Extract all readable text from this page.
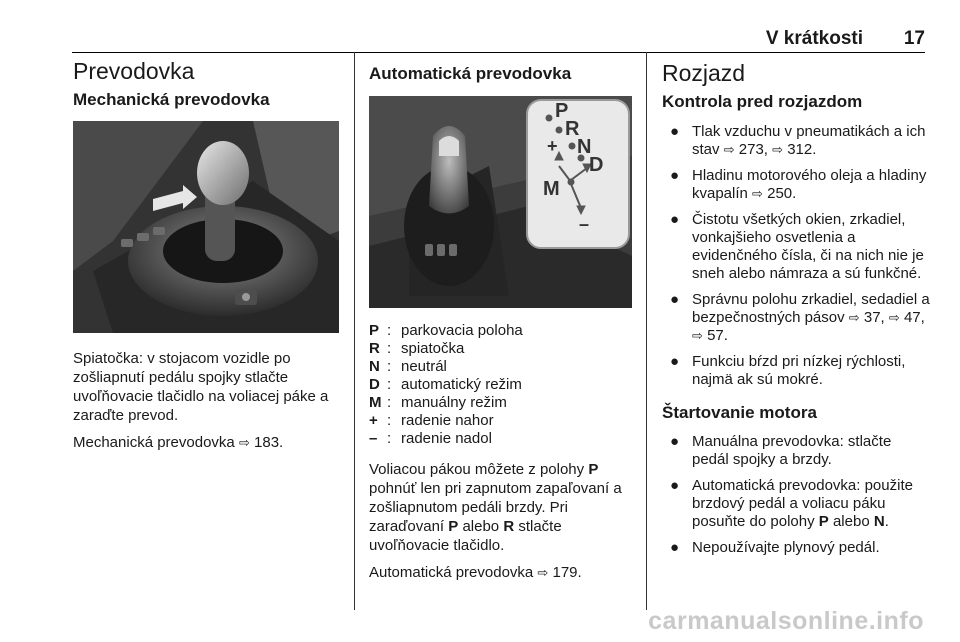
V krátkosti 17
Prevodovka
Mechanická prevodovka

Spiatočka: v stojacom vozidle po zošliapnutí pedálu spojky stlačte uvoľňovacie tlačidlo na voliacej páke a zaraďte prevod.

Mechanická prevodovka ⇨ 183.

Automatická prevodovka
P
R
N
D
M
+
–
P : parkovacia poloha
R : spiatočka
N : neutrál
D : automatický režim
M : manuálny režim
+ : radenie nahor
– : radenie nadol

Voliacou pákou môžete z polohy P pohnúť len pri zapnutom zapaľovaní a zošliapnutom pedáli brzdy. Pri zaraďovaní P alebo R stlačte uvoľňovacie tlačidlo.

Automatická prevodovka ⇨ 179.

Rozjazd
Kontrola pred rozjazdom
● Tlak vzduchu v pneumatikách a ich stav ⇨ 273, ⇨ 312.
● Hladinu motorového oleja a hladiny kvapalín ⇨ 250.
● Čistotu všetkých okien, zrkadiel, vonkajšieho osvetlenia a evidenčného čísla, či na nich nie je sneh alebo námraza a sú funkčné.
● Správnu polohu zrkadiel, sedadiel a bezpečnostných pásov ⇨ 37, ⇨ 47, ⇨ 57.
● Funkciu bŕzd pri nízkej rýchlosti, najmä ak sú mokré.
Štartovanie motora
● Manuálna prevodovka: stlačte pedál spojky a brzdy.
● Automatická prevodovka: použite brzdový pedál a voliacu páku posuňte do polohy P alebo N.
● Nepoužívajte plynový pedál.
carmanualsonline.info
